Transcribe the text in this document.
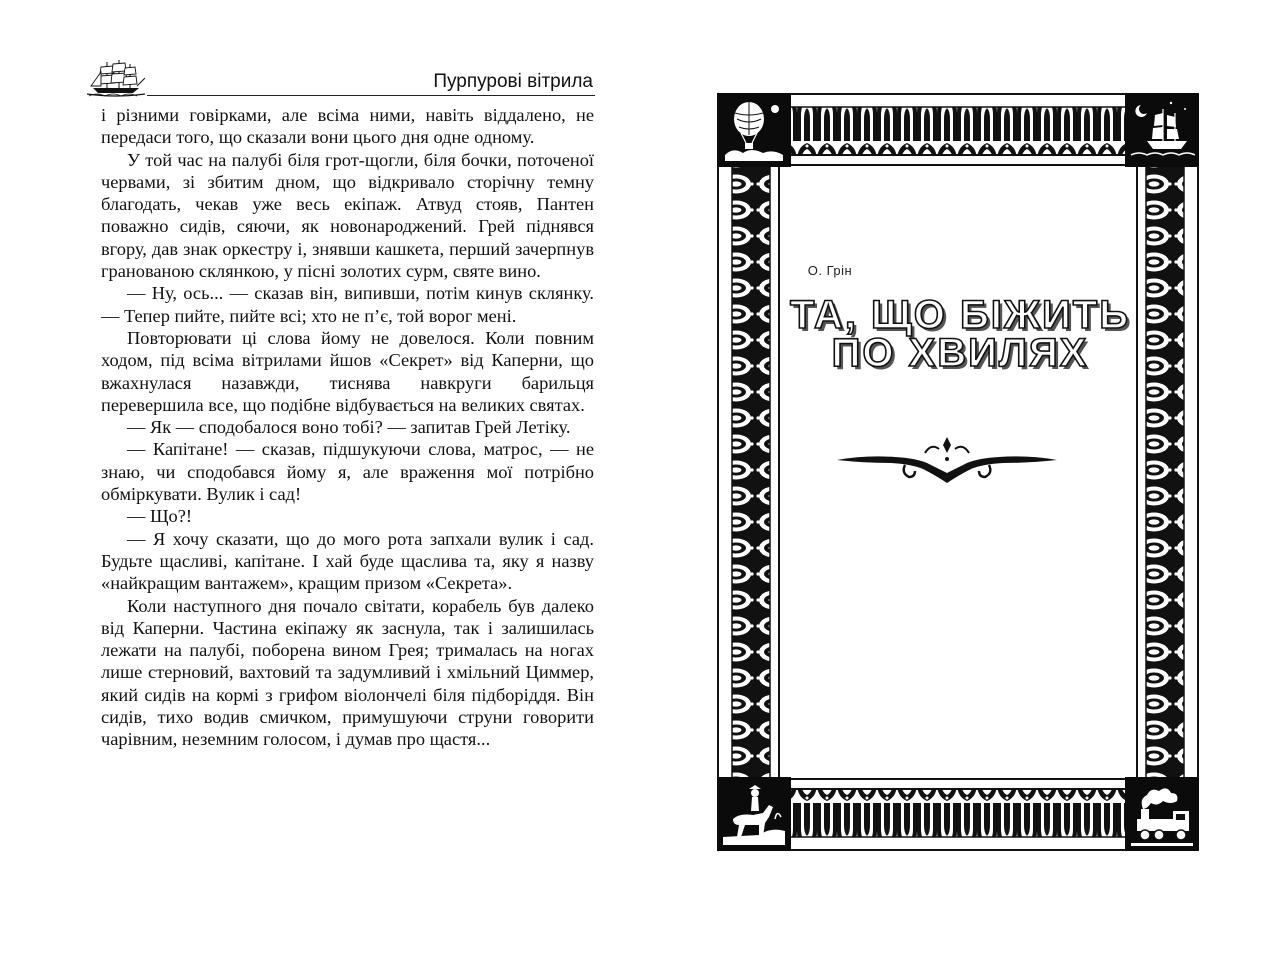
Пурпурові вітрила

і різними говірками, але всіма ними, навіть віддалено, не передаси того, що сказали вони цього дня одне одному.

У той час на палубі біля грот-щогли, біля бочки, поточеної червами, зі збитим дном, що відкривало сторічну темну благодать, чекав уже весь екіпаж. Атвуд стояв, Пантен поважно сидів, сяючи, як новонароджений. Грей піднявся вгору, дав знак оркестру і, знявши кашкета, перший зачерпнув гранованою склянкою, у пісні золотих сурм, святе вино.

— Ну, ось... — сказав він, випивши, потім кинув склянку. — Тепер пийте, пийте всі; хто не п’є, той ворог мені.

Повторювати ці слова йому не довелося. Коли повним ходом, під всіма вітрилами йшов «Секрет» від Каперни, що вжахнулася назавжди, тиснява навкруги барильця перевершила все, що подібне відбувається на великих святах.

— Як — сподобалося воно тобі? — запитав Грей Летіку.

— Капітане! — сказав, підшукуючи слова, матрос, — не знаю, чи сподобався йому я, але враження мої потрібно обміркувати. Вулик і сад!

— Що?!

— Я хочу сказати, що до мого рота запхали вулик і сад. Будьте щасливі, капітане. І хай буде щаслива та, яку я назву «найкращим вантажем», кращим призом «Секрета».

Коли наступного дня почало світати, корабель був далеко від Каперни. Частина екіпажу як заснула, так і залишилась лежати на палубі, поборена вином Грея; трималась на ногах лише стерновий, вахтовий та задумливий і хмільний Циммер, який сидів на кормі з грифом віолончелі біля підборіддя. Він сидів, тихо водив смичком, примушуючи струни говорити чарівним, неземним голосом, і думав про щастя...

О. Грін
ТА, ЩО БІЖИТЬ
ПО ХВИЛЯХ
